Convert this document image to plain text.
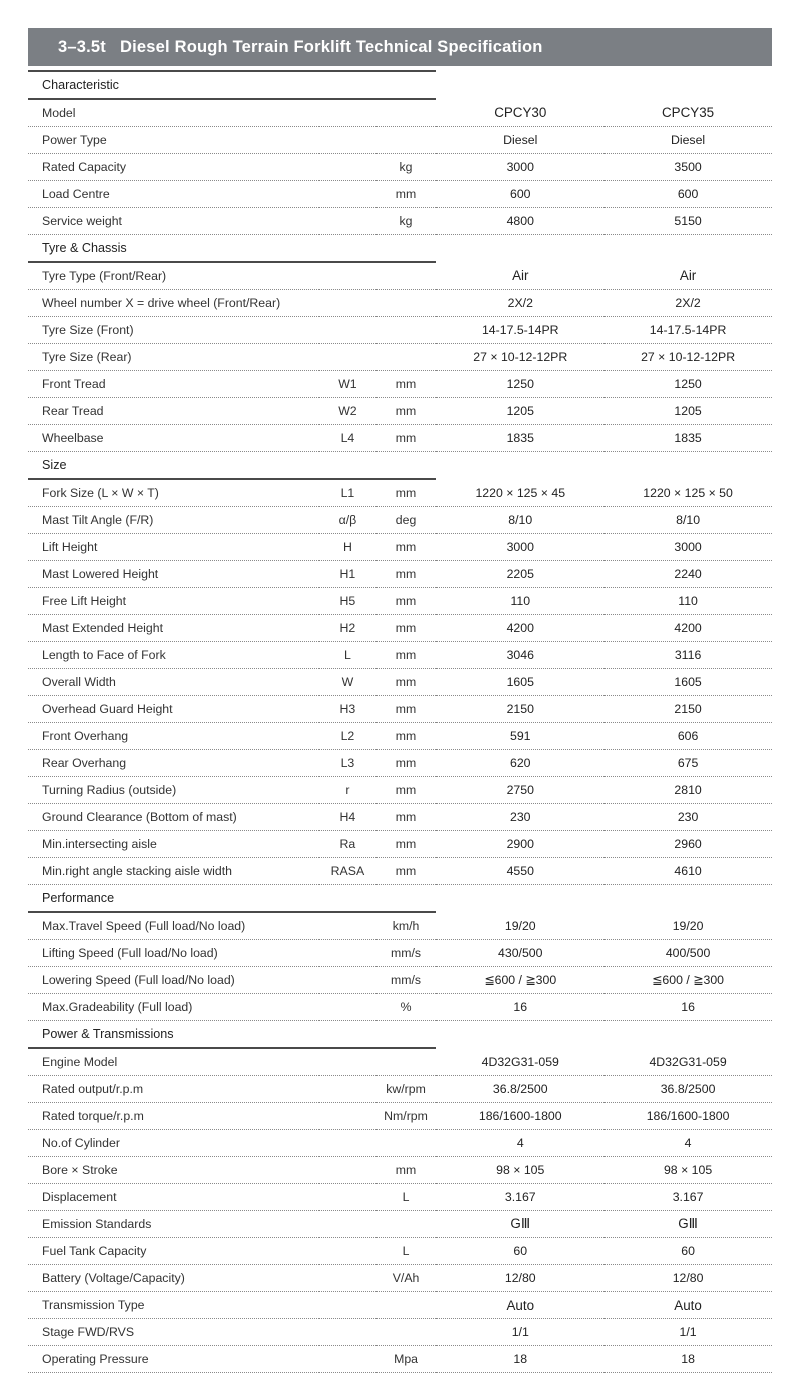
3–3.5t Diesel Rough Terrain Forklift Technical Specification
Characteristic				
Model			CPCY30	CPCY35
Power Type			Diesel	Diesel
Rated Capacity		kg	3000	3500
Load Centre		mm	600	600
Service weight		kg	4800	5150
Tyre & Chassis				
Tyre Type (Front/Rear)			Air	Air
Wheel number X = drive wheel (Front/Rear)			2X/2	2X/2
Tyre Size (Front)			14-17.5-14PR	14-17.5-14PR
Tyre Size (Rear)			27 × 10-12-12PR	27 × 10-12-12PR
Front Tread	W1	mm	1250	1250
Rear Tread	W2	mm	1205	1205
Wheelbase	L4	mm	1835	1835
Size				
Fork Size (L × W × T)	L1	mm	1220 × 125 × 45	1220 × 125 × 50
Mast Tilt Angle (F/R)	α/β	deg	8/10	8/10
Lift Height	H	mm	3000	3000
Mast Lowered Height	H1	mm	2205	2240
Free Lift Height	H5	mm	110	110
Mast Extended Height	H2	mm	4200	4200
Length to Face of Fork	L	mm	3046	3116
Overall Width	W	mm	1605	1605
Overhead Guard Height	H3	mm	2150	2150
Front Overhang	L2	mm	591	606
Rear Overhang	L3	mm	620	675
Turning Radius (outside)	r	mm	2750	2810
Ground Clearance (Bottom of mast)	H4	mm	230	230
Min.intersecting aisle	Ra	mm	2900	2960
Min.right angle stacking aisle width	RASA	mm	4550	4610
Performance				
Max.Travel Speed (Full load/No load)		km/h	19/20	19/20
Lifting Speed (Full load/No load)		mm/s	430/500	400/500
Lowering Speed (Full load/No load)		mm/s	≦600 / ≧300	≦600 / ≧300
Max.Gradeability (Full load)		%	16	16
Power & Transmissions				
Engine Model			4D32G31-059	4D32G31-059
Rated output/r.p.m		kw/rpm	36.8/2500	36.8/2500
Rated torque/r.p.m		Nm/rpm	186/1600-1800	186/1600-1800
No.of Cylinder			4	4
Bore × Stroke		mm	98 × 105	98 × 105
Displacement		L	3.167	3.167
Emission Standards			GⅢ	GⅢ
Fuel Tank Capacity		L	60	60
Battery (Voltage/Capacity)		V/Ah	12/80	12/80
Transmission Type			Auto	Auto
Stage FWD/RVS			1/1	1/1
Operating Pressure		Mpa	18	18
